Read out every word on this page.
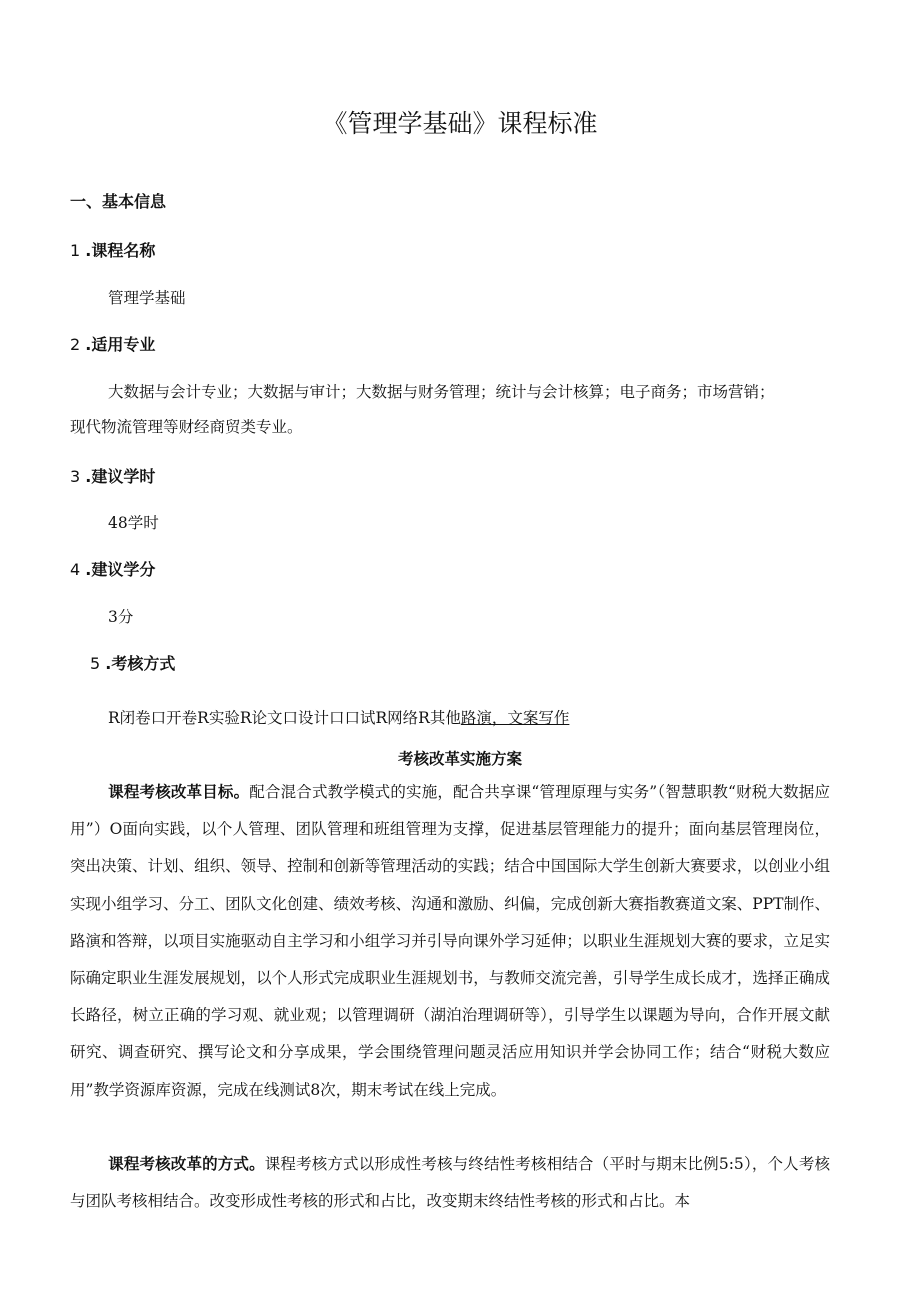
《管理学基础》课程标准
一、基本信息
1 .课程名称
管理学基础
2 .适用专业
大数据与会计专业；大数据与审计；大数据与财务管理；统计与会计核算；电子商务；市场营销；
现代物流管理等财经商贸类专业。
3 .建议学时
48学时
4 .建议学分
3分
5 .考核方式
R闭卷口开卷R实验R论文口设计口口试R网络R其他路演，文案写作
考核改革实施方案
课程考核改革目标。配合混合式教学模式的实施，配合共享课“管理原理与实务”（智慧职教“财税大数据应用”）O面向实践，以个人管理、团队管理和班组管理为支撑，促进基层管理能力的提升；面向基层管理岗位，突出决策、计划、组织、领导、控制和创新等管理活动的实践；结合中国国际大学生创新大赛要求，以创业小组实现小组学习、分工、团队文化创建、绩效考核、沟通和激励、纠偏，完成创新大赛指教赛道文案、PPT制作、路演和答辩，以项目实施驱动自主学习和小组学习并引导向课外学习延伸；以职业生涯规划大赛的要求，立足实际确定职业生涯发展规划，以个人形式完成职业生涯规划书，与教师交流完善，引导学生成长成才，选择正确成长路径，树立正确的学习观、就业观；以管理调研（湖泊治理调研等），引导学生以课题为导向，合作开展文献研究、调查研究、撰写论文和分享成果，学会围绕管理问题灵活应用知识并学会协同工作；结合“财税大数应用”教学资源库资源，完成在线测试8次，期末考试在线上完成。
课程考核改革的方式。课程考核方式以形成性考核与终结性考核相结合（平时与期末比例5:5），个人考核与团队考核相结合。改变形成性考核的形式和占比，改变期末终结性考核的形式和占比。本
